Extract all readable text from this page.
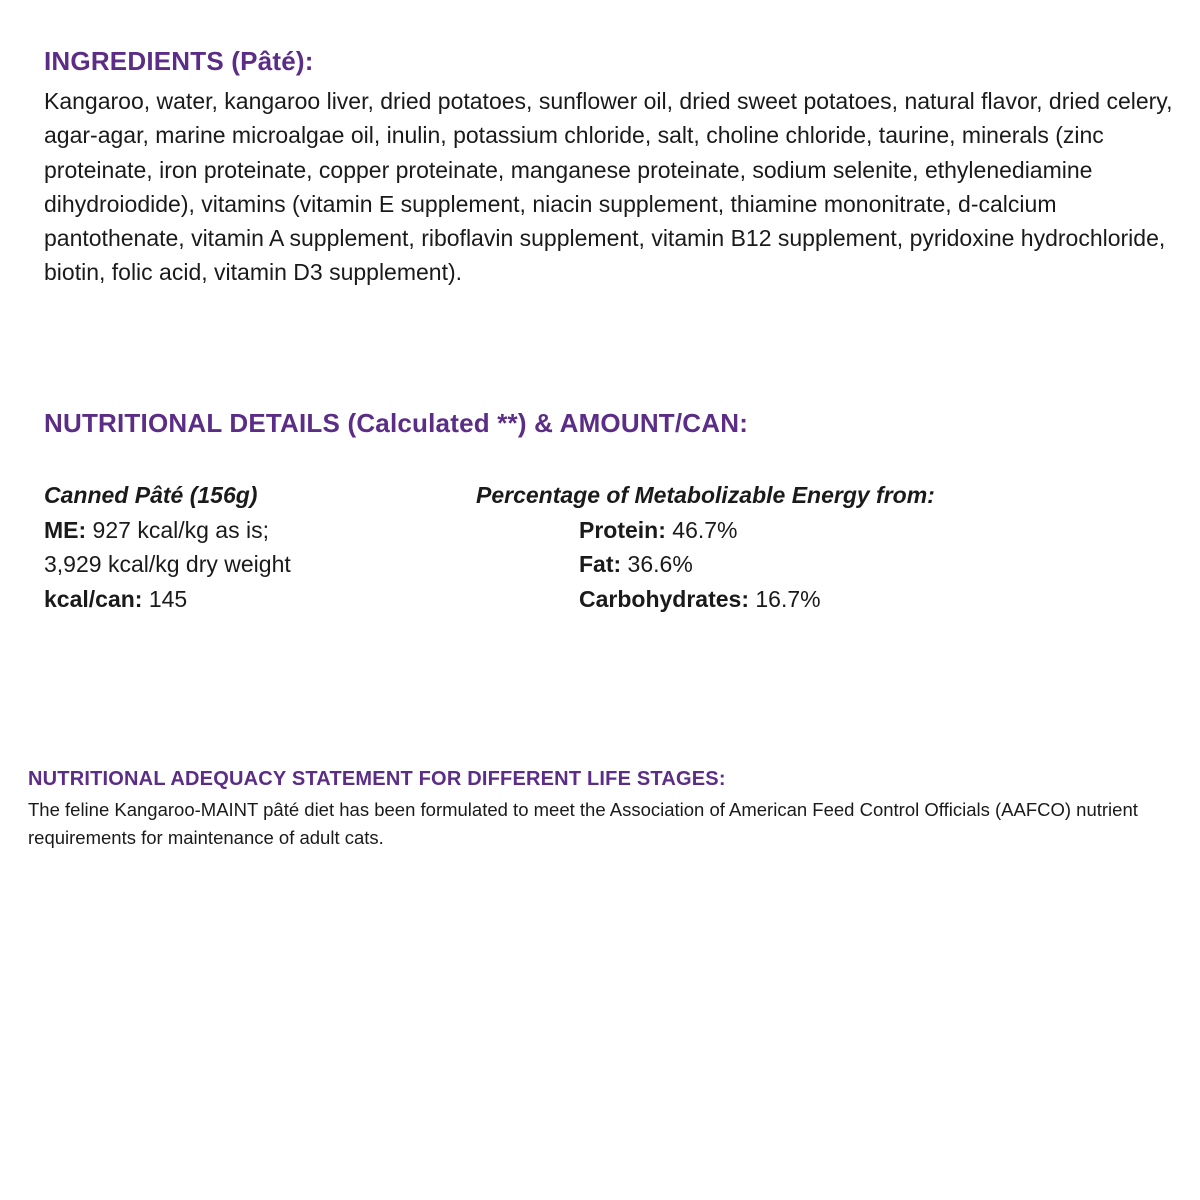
INGREDIENTS (Pâté):

Kangaroo, water, kangaroo liver, dried potatoes, sunflower oil, dried sweet potatoes, natural flavor, dried celery, agar-agar, marine microalgae oil, inulin, potassium chloride, salt, choline chloride, taurine, minerals (zinc proteinate, iron proteinate, copper proteinate, manganese proteinate, sodium selenite, ethylenediamine dihydroiodide), vitamins (vitamin E supplement, niacin supplement, thiamine mononitrate, d-calcium pantothenate, vitamin A supplement, riboflavin supplement, vitamin B12 supplement, pyridoxine hydrochloride, biotin, folic acid, vitamin D3 supplement).

NUTRITIONAL DETAILS (Calculated **) & AMOUNT/CAN:
Canned Pâté (156g)
ME: 927 kcal/kg as is;
3,929 kcal/kg dry weight
kcal/can: 145
Percentage of Metabolizable Energy from:
Protein: 46.7%
Fat: 36.6%
Carbohydrates: 16.7%
NUTRITIONAL ADEQUACY STATEMENT FOR DIFFERENT LIFE STAGES:

The feline Kangaroo-MAINT pâté diet has been formulated to meet the Association of American Feed Control Officials (AAFCO) nutrient requirements for maintenance of adult cats.
